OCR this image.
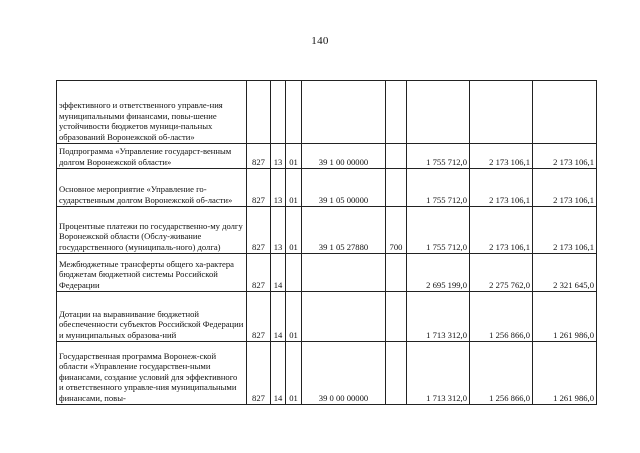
140
эффективного и ответственного управле-ния муниципальными финансами, повы-шение устойчивости бюджетов муници-пальных образований Воронежской об-ласти»								

Подпрограмма «Управление государст-венным долгом Воронежской области»	827	13	01	39 1 00 00000		1 755 712,0	2 173 106,1	2 173 106,1

Основное мероприятие «Управление го-сударственным долгом Воронежской об-ласти»	827	13	01	39 1 05 00000		1 755 712,0	2 173 106,1	2 173 106,1

Процентные платежи по государственно-му долгу Воронежской области (Обслу-живание государственного (муниципаль-ного) долга)	827	13	01	39 1 05 27880	700	1 755 712,0	2 173 106,1	2 173 106,1

Межбюджетные трансферты общего ха-рактера бюджетам бюджетной системы Российской Федерации	827	14				2 695 199,0	2 275 762,0	2 321 645,0

Дотации на выравнивание бюджетной обеспеченности субъектов Российской Федерации и муниципальных образова-ний	827	14	01			1 713 312,0	1 256 866,0	1 261 986,0

Государственная программа Воронеж-ской области «Управление государствен-ными финансами, создание условий для эффективного и ответственного управле-ния муниципальными финансами, повы-	827	14	01	39 0 00 00000		1 713 312,0	1 256 866,0	1 261 986,0
